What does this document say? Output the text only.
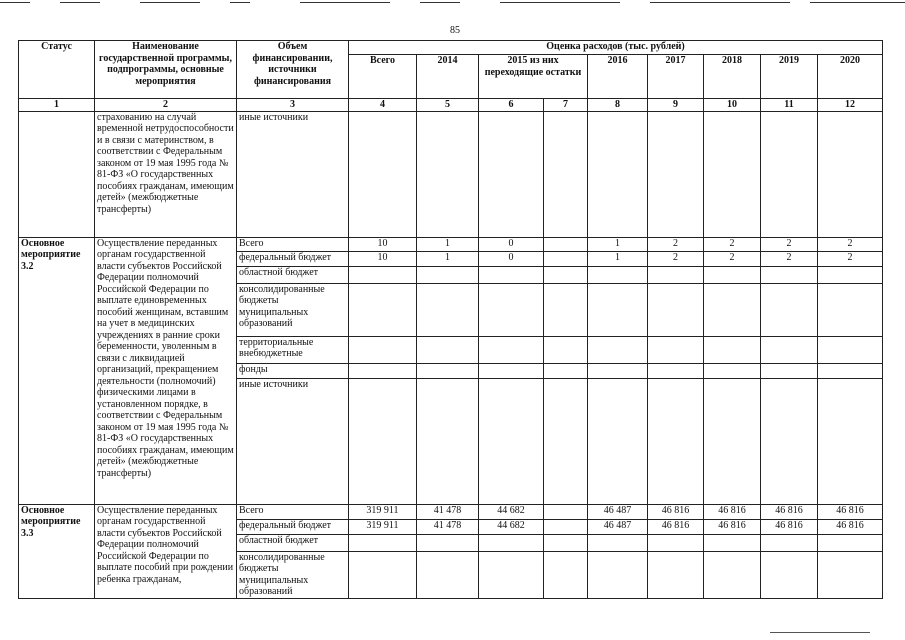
85
Статус	Наименование государственной программы, подпрограммы, основные мероприятия	Объем финансировании, источники финансирования	Оценка расходов (тыс. рублей)								
			Всего	2014	2015 из них переходящие остатки		2016	2017	2018	2019	2020
1	2	3	4	5	6	7	8	9	10	11	12
	страхованию на случай временной нетрудоспособности и в связи с материнством, в соответствии с Федеральным законом от 19 мая 1995 года № 81-ФЗ «О государственных пособиях гражданам, имеющим детей» (межбюджетные трансферты)	иные источники									
Основное мероприятие 3.2	Осуществление переданных органам государственной власти субъектов Российской Федерации полномочий Российской Федерации по выплате единовременных пособий женщинам, вставшим на учет в медицинских учреждениях в ранние сроки беременности, уволенным в связи с ликвидацией организаций, прекращением деятельности (полномочий) физическими лицами в установленном порядке, в соответствии с Федеральным законом от 19 мая 1995 года № 81-ФЗ «О государственных пособиях гражданам, имеющим детей» (межбюджетные трансферты)	Всего	10	1	0		1	2	2	2	2
		федеральный бюджет	10	1	0		1	2	2	2	2
		областной бюджет									
		консолидированные бюджеты муниципальных образований									
		территориальные внебюджетные									
		фонды									
		иные источники									
Основное мероприятие 3.3	Осуществление переданных органам государственной власти субъектов Российской Федерации полномочий Российской Федерации по выплате пособий при рождении ребенка гражданам,	Всего	319 911	41 478	44 682		46 487	46 816	46 816	46 816	46 816
		федеральный бюджет	319 911	41 478	44 682		46 487	46 816	46 816	46 816	46 816
		областной бюджет									
		консолидированные бюджеты муниципальных образований									
